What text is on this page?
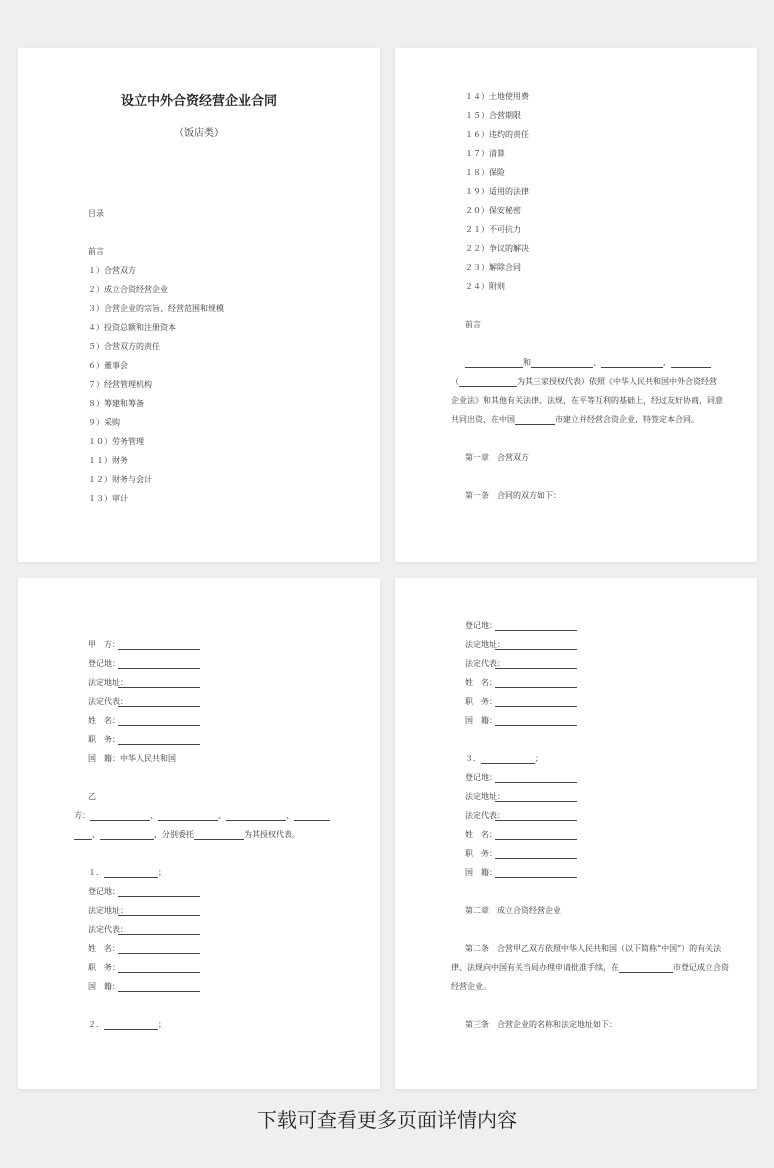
设立中外合资经营企业合同
（饭店类）
目录
前言
１）合营双方
２）成立合资经营企业
３）合营企业的宗旨、经营范围和规模
４）投资总额和注册资本
５）合营双方的责任
６）董事会
７）经营管理机构
８）筹建和筹备
９）采购
１０）劳务管理
１１）财务
１２）财务与会计
１３）审计
１４）土地使用费
１５）合营期限
１６）违约的责任
１７）清算
１８）保险
１９）适用的法律
２０）保安秘密
２１）不可抗力
２２）争议的解决
２３）解除合同
２４）附则
前言
和	、	、
（	为其三家授权代表）依照《中华人民共和国中外合资经营
企业法》和其他有关法律、法规，在平等互利的基础上，经过友好协商，同意
共同出资，在中国	市建立并经营合资企业，特签定本合同。
第一章　合营双方
第一条　合同的双方如下：
甲　方：
登记地：
法定地址：
法定代表：
姓　名：
职　务：
国　籍：中华人民共和国
乙
方：	、	、	、
、	，分别委托	为其授权代表。
１．	；
登记地：
法定地址：
法定代表：
姓　名：
职　务：
国　籍：
２．	；
登记地：
法定地址：
法定代表：
姓　名：
职　务：
国　籍：
３．	；
登记地：
法定地址：
法定代表：
姓　名：
职　务：
国　籍：
第二章　成立合资经营企业
第二条　合营甲乙双方依照中华人民共和国（以下简称“中国”）的有关法
律、法规向中国有关当局办理申请批准手续，在	市登记成立合资
经营企业。
第三条　合营企业的名称和法定地址如下：
下载可查看更多页面详情内容
